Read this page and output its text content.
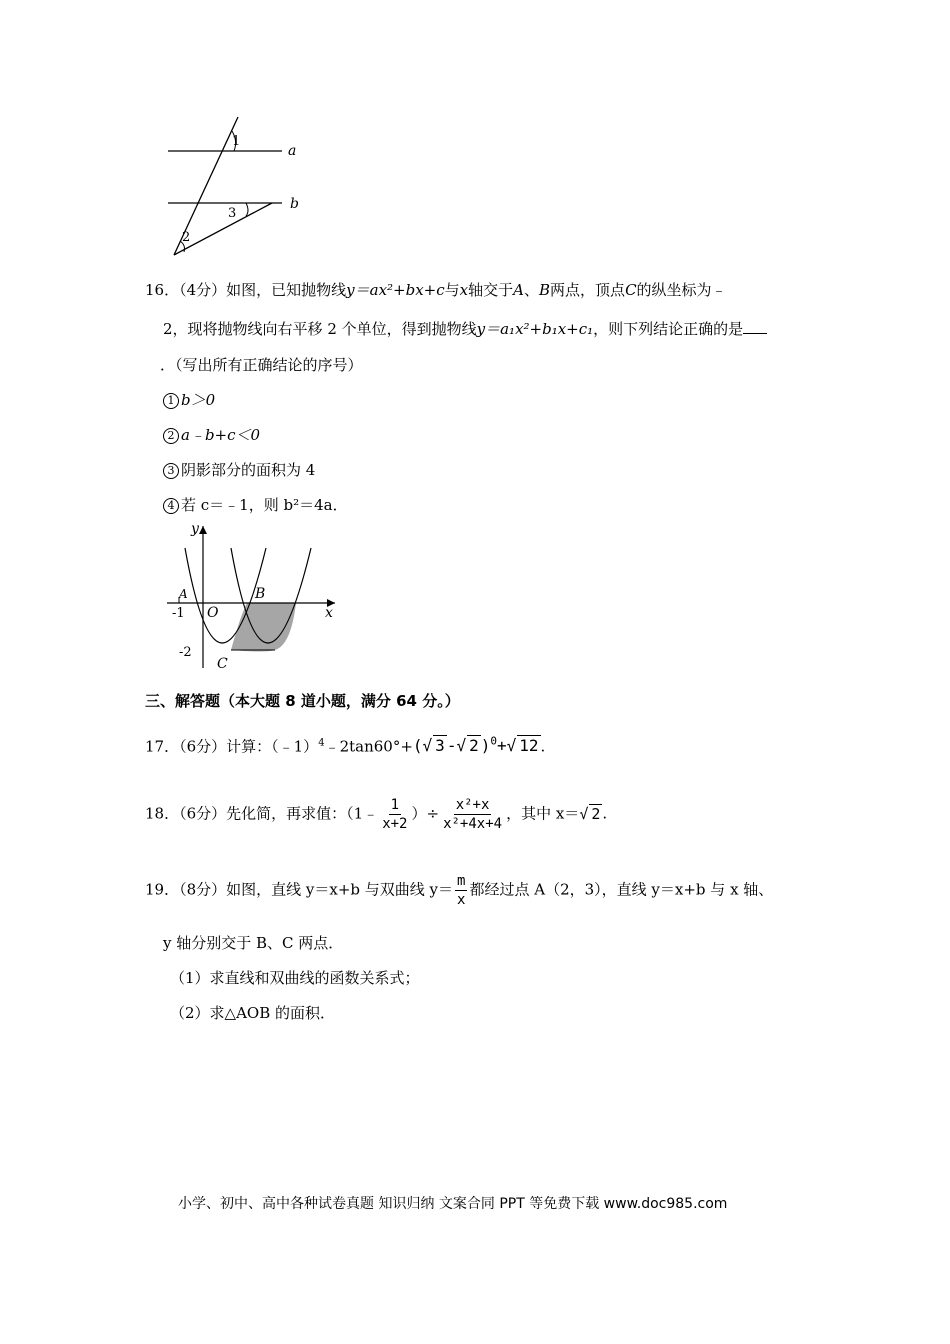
1
2
3
a
b
16．（4分）如图，已知抛物线y＝ax²+bx+c与x轴交于A、B两点，顶点C的纵坐标为﹣
2，现将抛物线向右平移 2 个单位，得到抛物线y＝a₁x²+b₁x+c₁，则下列结论正确的是
．（写出所有正确结论的序号）
1 b＞0
2 a﹣b+c＜0
3 阴影部分的面积为 4
4 若 c＝﹣1，则 b²＝4a．
y
x
A	B
C
O
-1
-2
三、解答题（本大题 8 道小题，满分 64 分。）
17．（6分）计算：（﹣1）$^4$﹣2tan60°+(√ 3 -√ 2 )$^0$+√ 12 .
18．（6分）先化简，再求值：（1﹣ $\frac{1}{x+2}$ ）÷ $\frac{\text{x²+x}}{\text{x²+4x+4}}$ ，其中 x＝√ 2 .
19．（8分）如图，直线 y＝x+b 与双曲线 $y= \frac{m}{x}$ 都经过点 A（2，3），直线 y＝x+b 与 x 轴、
y 轴分别交于 B、C 两点．
（1）求直线和双曲线的函数关系式；
（2）求△AOB 的面积．
小学、初中、高中各种试卷真题 知识归纳 文案合同 PPT 等免费下载 www.doc985.com
